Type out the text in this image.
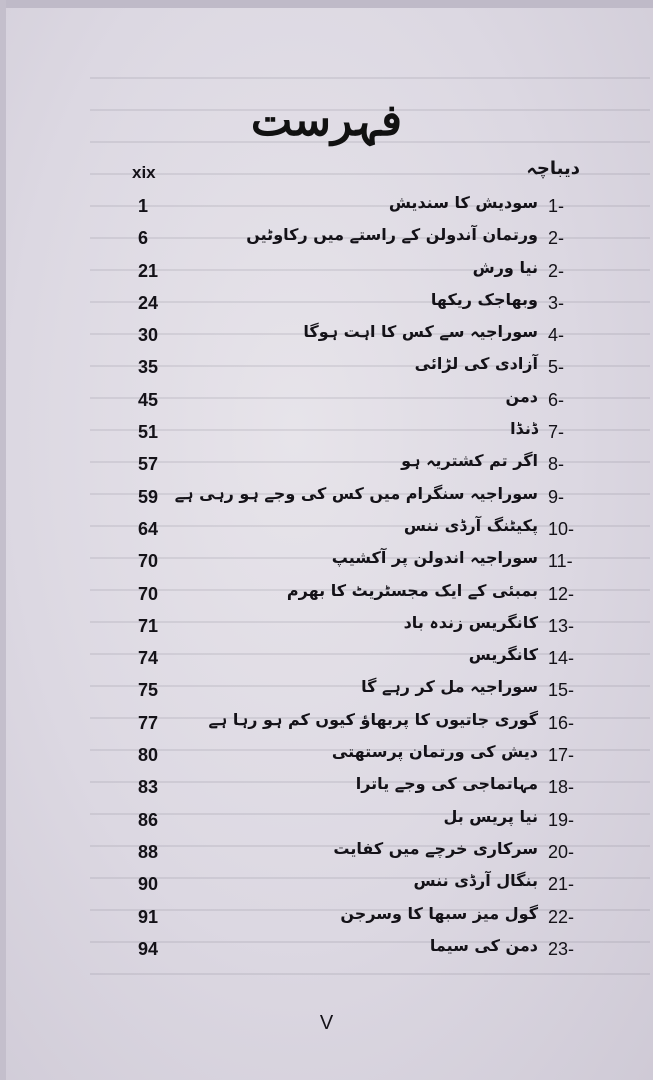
فہرست
دیباچہ
xix
1-
سودیش کا سندیش
1
2-
ورتمان آندولن کے راستے میں رکاوٹیں
6
2-
نیا ورش
21
3-
وبھاجک ریکھا
24
4-
سوراجیہ سے کس کا اہت ہوگا
30
5-
آزادی کی لڑائی
35
6-
دمن
45
7-
ڈنڈا
51
8-
اگر تم کشتریہ ہو
57
9-
سوراجیہ سنگرام میں کس کی وجے ہو رہی ہے
59
10-
پکیٹنگ آرڈی ننس
64
11-
سوراجیہ اندولن پر آکشیپ
70
12-
بمبئی کے ایک مجسٹریٹ کا بھرم
70
13-
کانگریس زندہ باد
71
14-
کانگریس
74
15-
سوراجیہ مل کر رہے گا
75
16-
گوری جاتیوں کا پربھاؤ کیوں کم ہو رہا ہے
77
17-
دیش کی ورتمان پرستھتی
80
18-
مہاتماجی کی وجے یاترا
83
19-
نیا پریس بل
86
20-
سرکاری خرچے میں کفایت
88
21-
بنگال آرڈی ننس
90
22-
گول میز سبھا کا وسرجن
91
23-
دمن کی سیما
94
V
